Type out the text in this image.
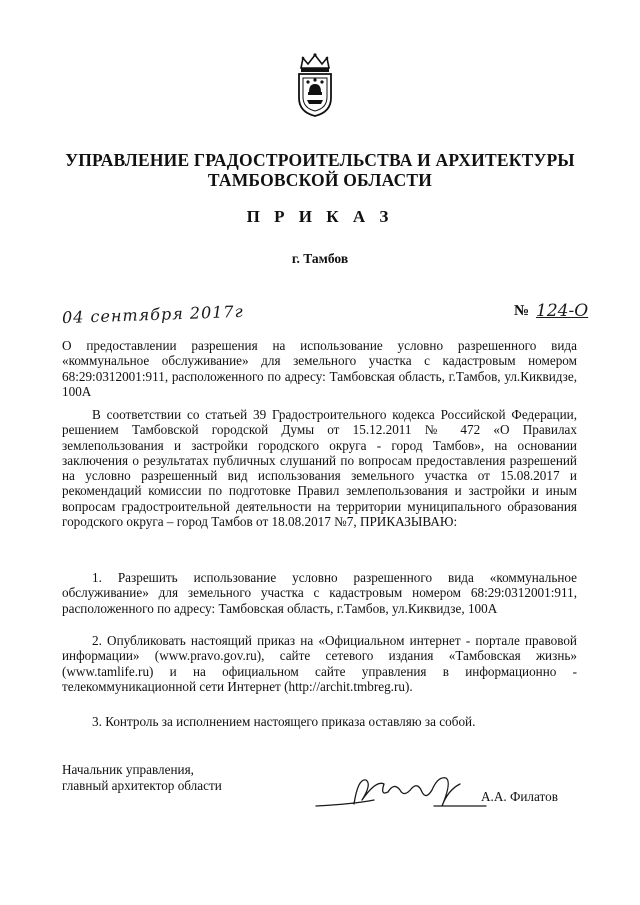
УПРАВЛЕНИЕ ГРАДОСТРОИТЕЛЬСТВА И АРХИТЕКТУРЫ
ТАМБОВСКОЙ ОБЛАСТИ
П Р И К А З
г. Тамбов
04 сентября 2017г	№ 124-О
О предоставлении разрешения на использование условно разрешенного вида «коммунальное обслуживание» для земельного участка с кадастровым номером 68:29:0312001:911, расположенного по адресу: Тамбовская область, г.Тамбов, ул.Киквидзе, 100А
В соответствии со статьей 39 Градостроительного кодекса Российской Федерации, решением Тамбовской городской Думы от 15.12.2011 № 472 «О Правилах землепользования и застройки городского округа - город Тамбов», на основании заключения о результатах публичных слушаний по вопросам предоставления разрешений на условно разрешенный вид использования земельного участка от 15.08.2017 и рекомендаций комиссии по подготовке Правил землепользования и застройки и иным вопросам градостроительной деятельности на территории муниципального образования городского округа – город Тамбов от 18.08.2017 №7, ПРИКАЗЫВАЮ:
1. Разрешить использование условно разрешенного вида «коммунальное обслуживание» для земельного участка с кадастровым номером 68:29:0312001:911, расположенного по адресу: Тамбовская область, г.Тамбов, ул.Киквидзе, 100А
2. Опубликовать настоящий приказ на «Официальном интернет - портале правовой информации» (www.pravo.gov.ru), сайте сетевого издания «Тамбовская жизнь» (www.tamlife.ru) и на официальном сайте управления в информационно - телекоммуникационной сети Интернет (http://archit.tmbreg.ru).
3. Контроль за исполнением настоящего приказа оставляю за собой.
Начальник управления,
главный архитектор области
А.А. Филатов
